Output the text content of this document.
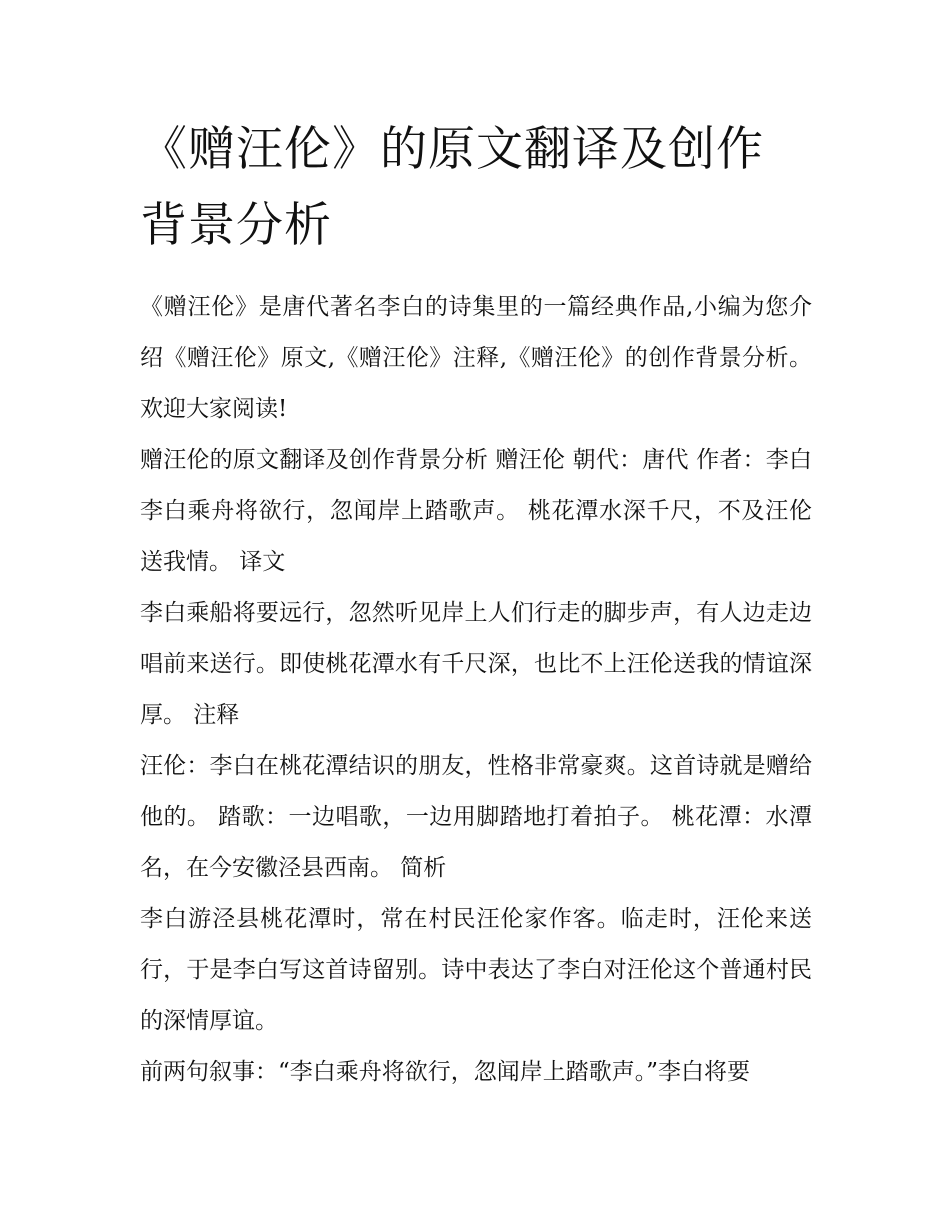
《赠汪伦》的原文翻译及创作背景分析

《赠汪伦》是唐代著名李白的诗集里的一篇经典作品,小编为您介绍《赠汪伦》原文,《赠汪伦》注释,《赠汪伦》的创作背景分析。欢迎大家阅读!

赠汪伦的原文翻译及创作背景分析 赠汪伦 朝代：唐代 作者：李白 李白乘舟将欲行，忽闻岸上踏歌声。 桃花潭水深千尺，不及汪伦送我情。 译文

李白乘船将要远行，忽然听见岸上人们行走的脚步声，有人边走边唱前来送行。即使桃花潭水有千尺深，也比不上汪伦送我的情谊深厚。 注释

汪伦：李白在桃花潭结识的朋友，性格非常豪爽。这首诗就是赠给他的。 踏歌：一边唱歌，一边用脚踏地打着拍子。 桃花潭：水潭名，在今安徽泾县西南。 简析

李白游泾县桃花潭时，常在村民汪伦家作客。临走时，汪伦来送行，于是李白写这首诗留别。诗中表达了李白对汪伦这个普通村民的深情厚谊。

前两句叙事：“李白乘舟将欲行，忽闻岸上踏歌声。”李白将要
